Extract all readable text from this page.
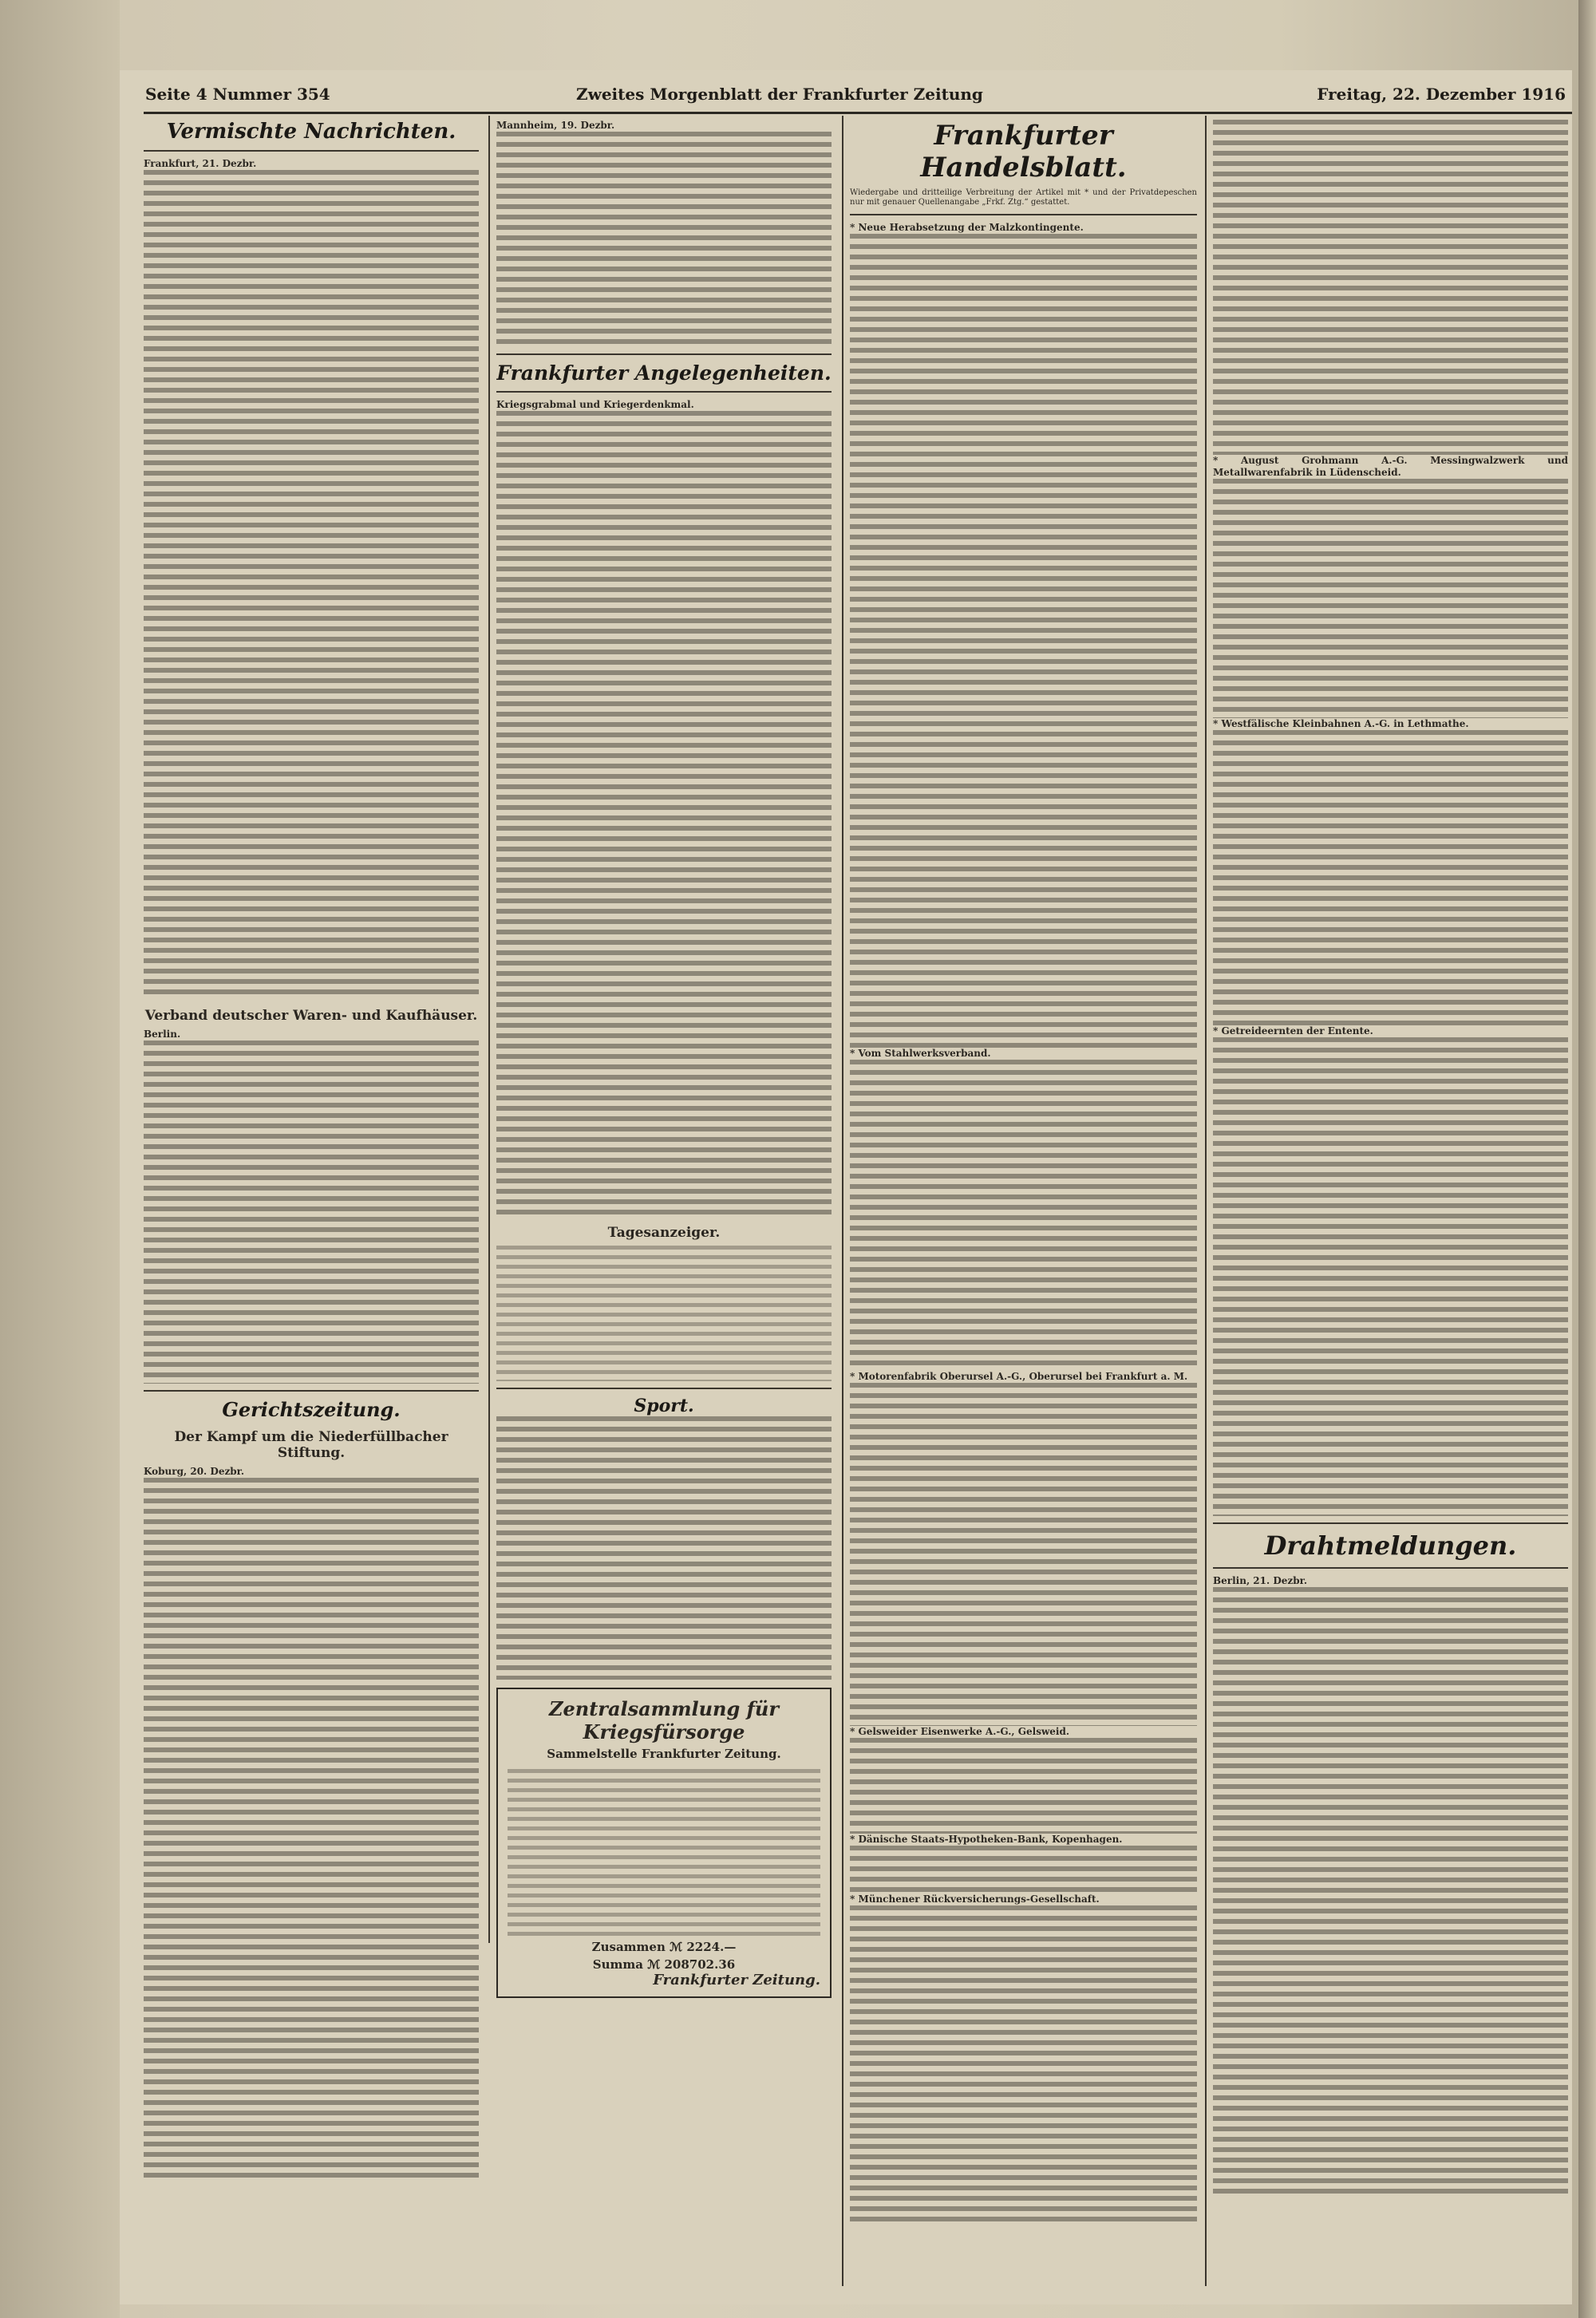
Seite 4 Nummer 354	Zweites Morgenblatt der Frankfurter Zeitung	Freitag, 22. Dezember 1916
Vermischte Nachrichten.

Frankfurt, 21. Dezbr.

Verband deutscher Waren- und Kaufhäuser.

Berlin.

Gerichtszeitung.
Der Kampf um die Niederfüllbacher Stiftung.

Koburg, 20. Dezbr.

Mannheim, 19. Dezbr.

Frankfurter Angelegenheiten.

Kriegsgrabmal und Kriegerdenkmal.

Tagesanzeiger.
Sport.
Zentralsammlung für Kriegsfürsorge
Sammelstelle Frankfurter Zeitung.
Zusammen ℳ 2224.—
Summa ℳ 208702.36
Frankfurter Zeitung.
Frankfurter Handelsblatt.

Wiedergabe und dritteilige Verbreitung der Artikel mit * und der Privatdepeschen nur mit genauer Quellenangabe „Frkf. Ztg.“ gestattet.

* Neue Herabsetzung der Malzkontingente.

* Vom Stahlwerksverband.

* Motorenfabrik Oberursel A.-G., Oberursel bei Frankfurt a. M.

* Gelsweider Eisenwerke A.-G., Gelsweid.

* Dänische Staats-Hypotheken-Bank, Kopenhagen.

* Münchener Rückversicherungs-Gesellschaft.

* August Grohmann A.-G. Messingwalzwerk und Metallwarenfabrik in Lüdenscheid.

* Westfälische Kleinbahnen A.-G. in Lethmathe.

* Getreideernten der Entente.

Drahtmeldungen.

Berlin, 21. Dezbr.
